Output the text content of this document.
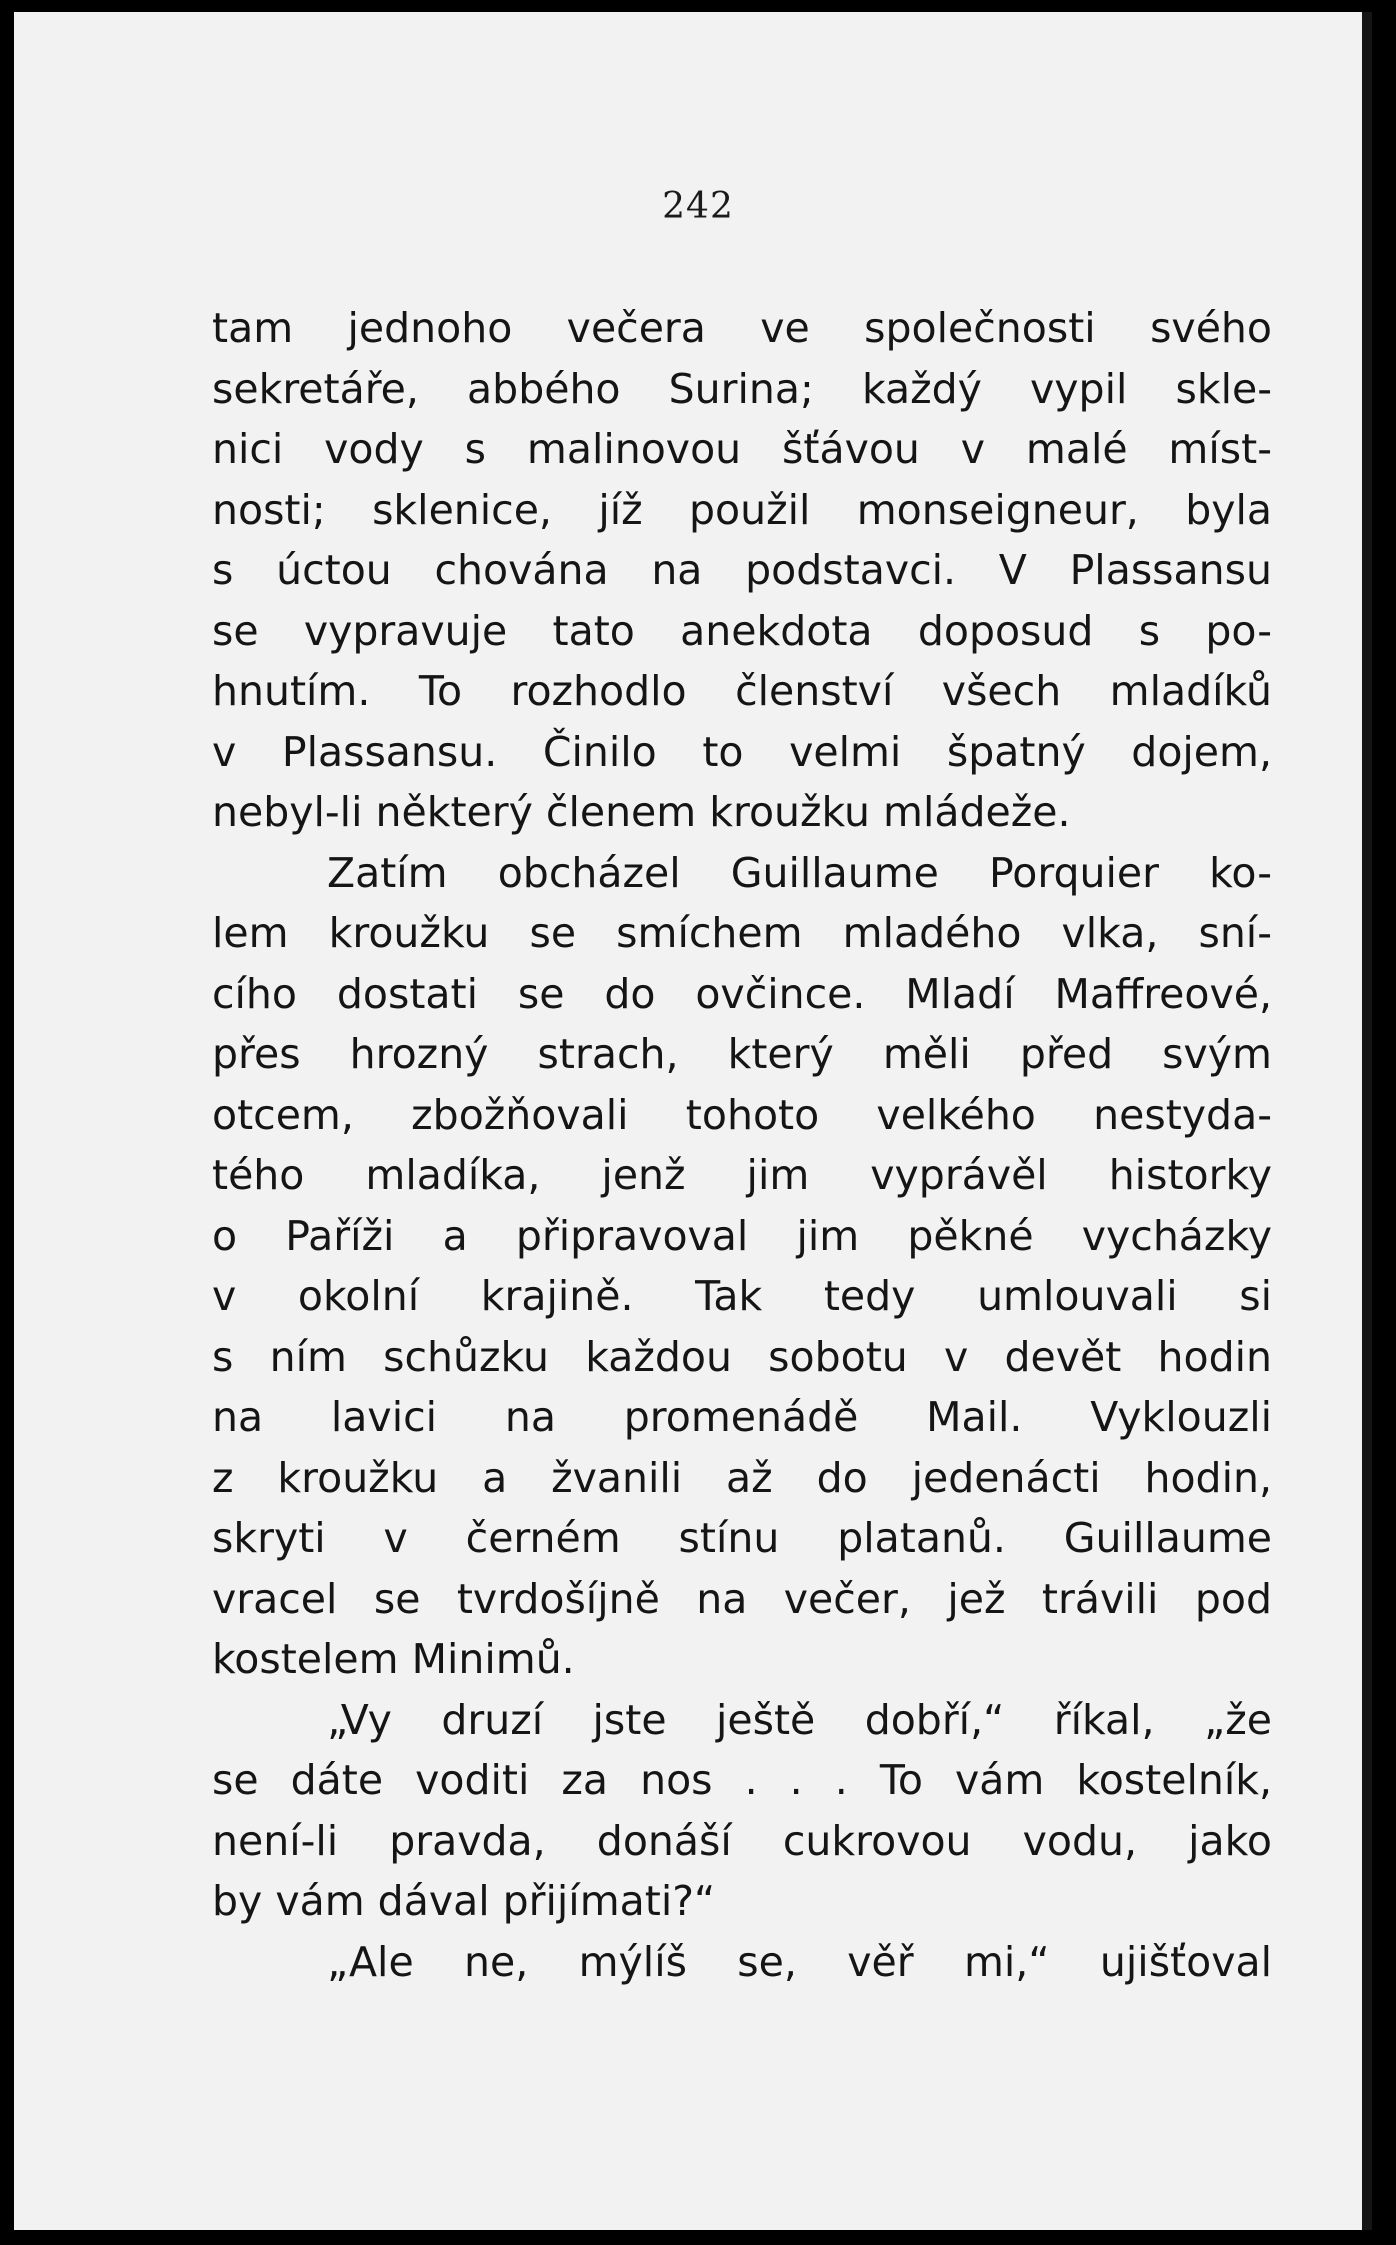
242
tam jednoho večera ve společnosti svého
sekretáře, abbého Surina; každý vypil skle-
nici vody s malinovou šťávou v malé míst-
nosti; sklenice, jíž použil monseigneur, byla
s úctou chována na podstavci. V Plassansu
se vypravuje tato anekdota doposud s po-
hnutím. To rozhodlo členství všech mladíků
v Plassansu. Činilo to velmi špatný dojem,
nebyl-li některý členem kroužku mládeže.
Zatím obcházel Guillaume Porquier ko-
lem kroužku se smíchem mladého vlka, sní-
cího dostati se do ovčince. Mladí Maffreové,
přes hrozný strach, který měli před svým
otcem, zbožňovali tohoto velkého nestyda-
tého mladíka, jenž jim vyprávěl historky
o Paříži a připravoval jim pěkné vycházky
v okolní krajině. Tak tedy umlouvali si
s ním schůzku každou sobotu v devět hodin
na lavici na promenádě Mail. Vyklouzli
z kroužku a žvanili až do jedenácti hodin,
skryti v černém stínu platanů. Guillaume
vracel se tvrdošíjně na večer, jež trávili pod
kostelem Minimů.
„Vy druzí jste ještě dobří,“ říkal, „že
se dáte voditi za nos . . . To vám kostelník,
není-li pravda, donáší cukrovou vodu, jako
by vám dával přijímati?“
„Ale ne, mýlíš se, věř mi,“ ujišťoval
